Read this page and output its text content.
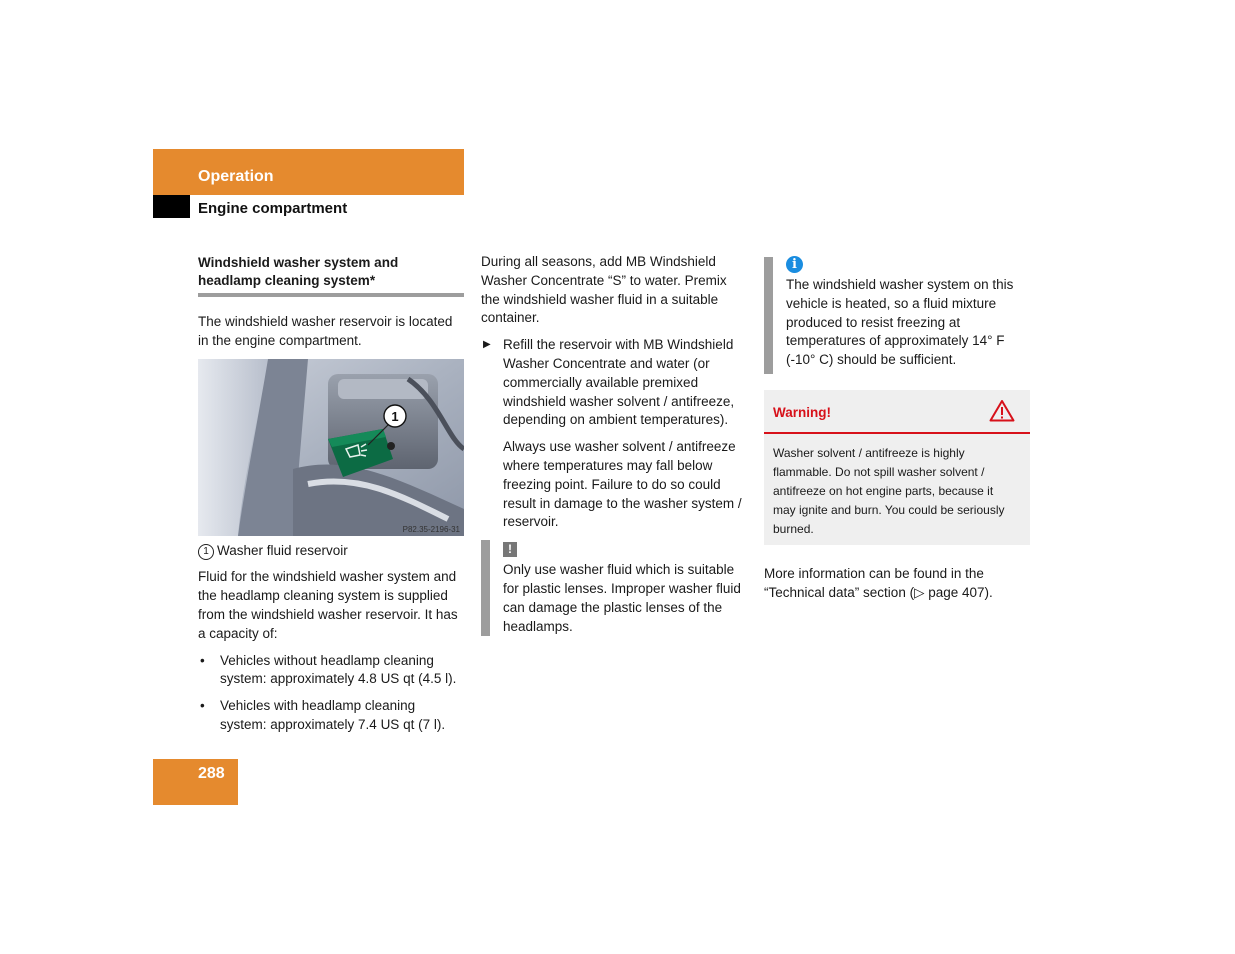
Operation
Engine compartment
Windshield washer system and headlamp cleaning system*

The windshield washer reservoir is located in the engine compartment.

1
P82.35-2196-31

1 Washer fluid reservoir

Fluid for the windshield washer system and the headlamp cleaning system is supplied from the windshield washer reservoir. It has a capacity of:

• Vehicles without headlamp cleaning system: approximately 4.8 US qt (4.5 l).
• Vehicles with headlamp cleaning system: approximately 7.4 US qt (7 l).

During all seasons, add MB Windshield Washer Concentrate “S” to water. Premix the windshield washer fluid in a suitable container.

▶ Refill the reservoir with MB Windshield Washer Concentrate and water (or commercially available premixed windshield washer solvent / antifreeze, depending on ambient temperatures).

Always use washer solvent / antifreeze where temperatures may fall below freezing point. Failure to do so could result in damage to the washer system / reservoir.

!
Only use washer fluid which is suitable for plastic lenses. Improper washer fluid can damage the plastic lenses of the headlamps.
i
The windshield washer system on this vehicle is heated, so a fluid mixture produced to resist freezing at temperatures of approximately 14° F (-10° C) should be sufficient.
Warning!
Washer solvent / antifreeze is highly flammable. Do not spill washer solvent / antifreeze on hot engine parts, because it may ignite and burn. You could be seriously burned.

More information can be found in the “Technical data” section (▷ page 407).

288
